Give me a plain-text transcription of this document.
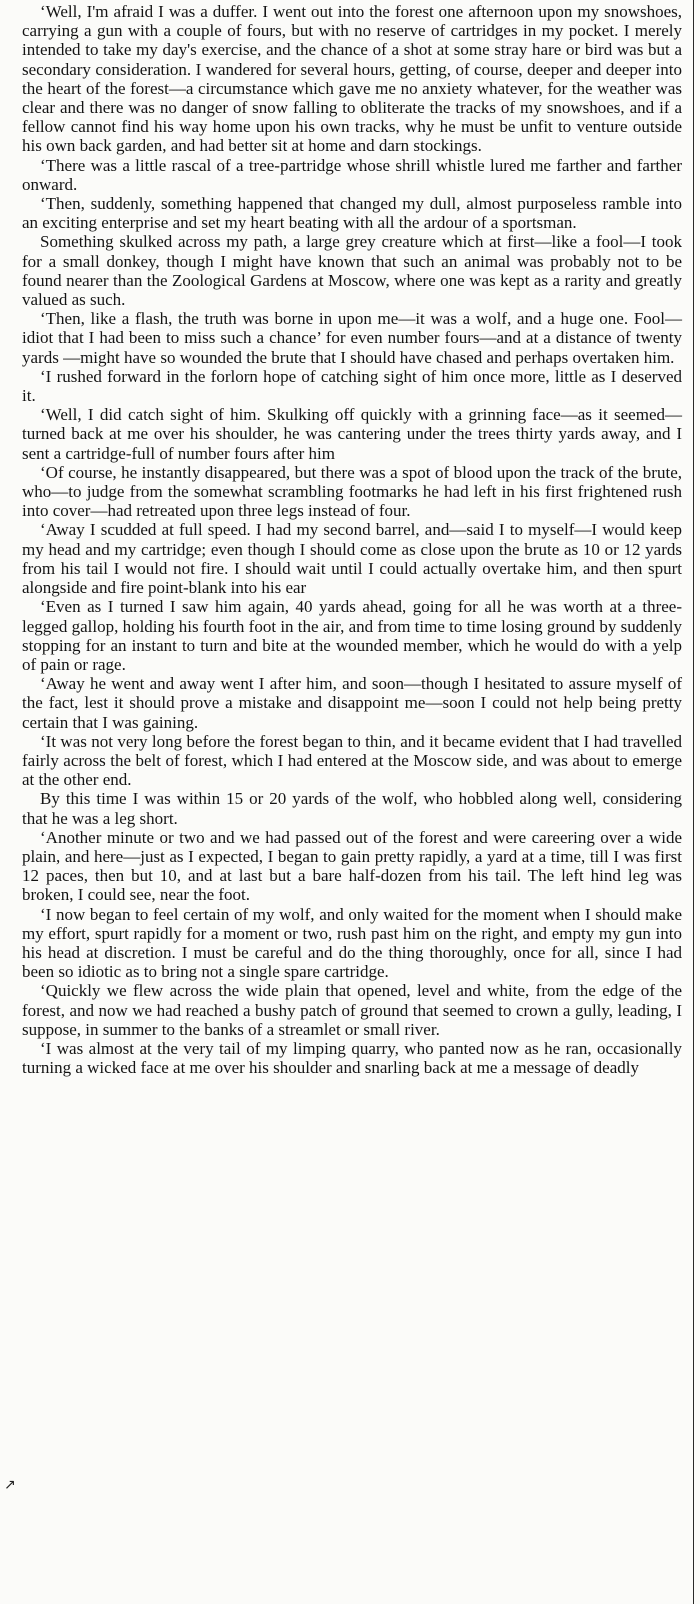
‘Well, I'm afraid I was a duffer. I went out into the forest one afternoon upon my snowshoes, carrying a gun with a couple of fours, but with no reserve of cartridges in my pocket. I merely intended to take my day's exercise, and the chance of a shot at some stray hare or bird was but a secondary consideration. I wandered for several hours, getting, of course, deeper and deeper into the heart of the forest—a circumstance which gave me no anxiety whatever, for the weather was clear and there was no danger of snow falling to obliterate the tracks of my snowshoes, and if a fellow cannot find his way home upon his own tracks, why he must be unfit to venture outside his own back garden, and had better sit at home and darn stockings.

‘There was a little rascal of a tree-partridge whose shrill whistle lured me farther and farther onward.

‘Then, suddenly, something happened that changed my dull, almost purposeless ramble into an exciting enterprise and set my heart beating with all the ardour of a sportsman.

Something skulked across my path, a large grey creature which at first—like a fool—I took for a small donkey, though I might have known that such an animal was probably not to be found nearer than the Zoological Gardens at Moscow, where one was kept as a rarity and greatly valued as such.

‘Then, like a flash, the truth was borne in upon me—it was a wolf, and a huge one. Fool—idiot that I had been to miss such a chance’ for even number fours—and at a distance of twenty yards —might have so wounded the brute that I should have chased and perhaps overtaken him.

‘I rushed forward in the forlorn hope of catching sight of him once more, little as I deserved it.

‘Well, I did catch sight of him. Skulking off quickly with a grinning face—as it seemed—turned back at me over his shoulder, he was cantering under the trees thirty yards away, and I sent a cartridge-full of number fours after him

‘Of course, he instantly disappeared, but there was a spot of blood upon the track of the brute, who—to judge from the somewhat scrambling footmarks he had left in his first frightened rush into cover—had retreated upon three legs instead of four.

‘Away I scudded at full speed. I had my second barrel, and—said I to myself—I would keep my head and my cartridge; even though I should come as close upon the brute as 10 or 12 yards from his tail I would not fire. I should wait until I could actually overtake him, and then spurt alongside and fire point-blank into his ear

‘Even as I turned I saw him again, 40 yards ahead, going for all he was worth at a three-legged gallop, holding his fourth foot in the air, and from time to time losing ground by suddenly stopping for an instant to turn and bite at the wounded member, which he would do with a yelp of pain or rage.

‘Away he went and away went I after him, and soon—though I hesitated to assure myself of the fact, lest it should prove a mistake and disappoint me—soon I could not help being pretty certain that I was gaining.

‘It was not very long before the forest began to thin, and it became evident that I had travelled fairly across the belt of forest, which I had entered at the Moscow side, and was about to emerge at the other end.

By this time I was within 15 or 20 yards of the wolf, who hobbled along well, considering that he was a leg short.

‘Another minute or two and we had passed out of the forest and were careering over a wide plain, and here—just as I expected, I began to gain pretty rapidly, a yard at a time, till I was first 12 paces, then but 10, and at last but a bare half-dozen from his tail. The left hind leg was broken, I could see, near the foot.

‘I now began to feel certain of my wolf, and only waited for the moment when I should make my effort, spurt rapidly for a moment or two, rush past him on the right, and empty my gun into his head at discretion. I must be careful and do the thing thoroughly, once for all, since I had been so idiotic as to bring not a single spare cartridge.

‘Quickly we flew across the wide plain that opened, level and white, from the edge of the forest, and now we had reached a bushy patch of ground that seemed to crown a gully, leading, I suppose, in summer to the banks of a streamlet or small river.

‘I was almost at the very tail of my limping quarry, who panted now as he ran, occasionally turning a wicked face at me over his shoulder and snarling back at me a message of deadly

↗
